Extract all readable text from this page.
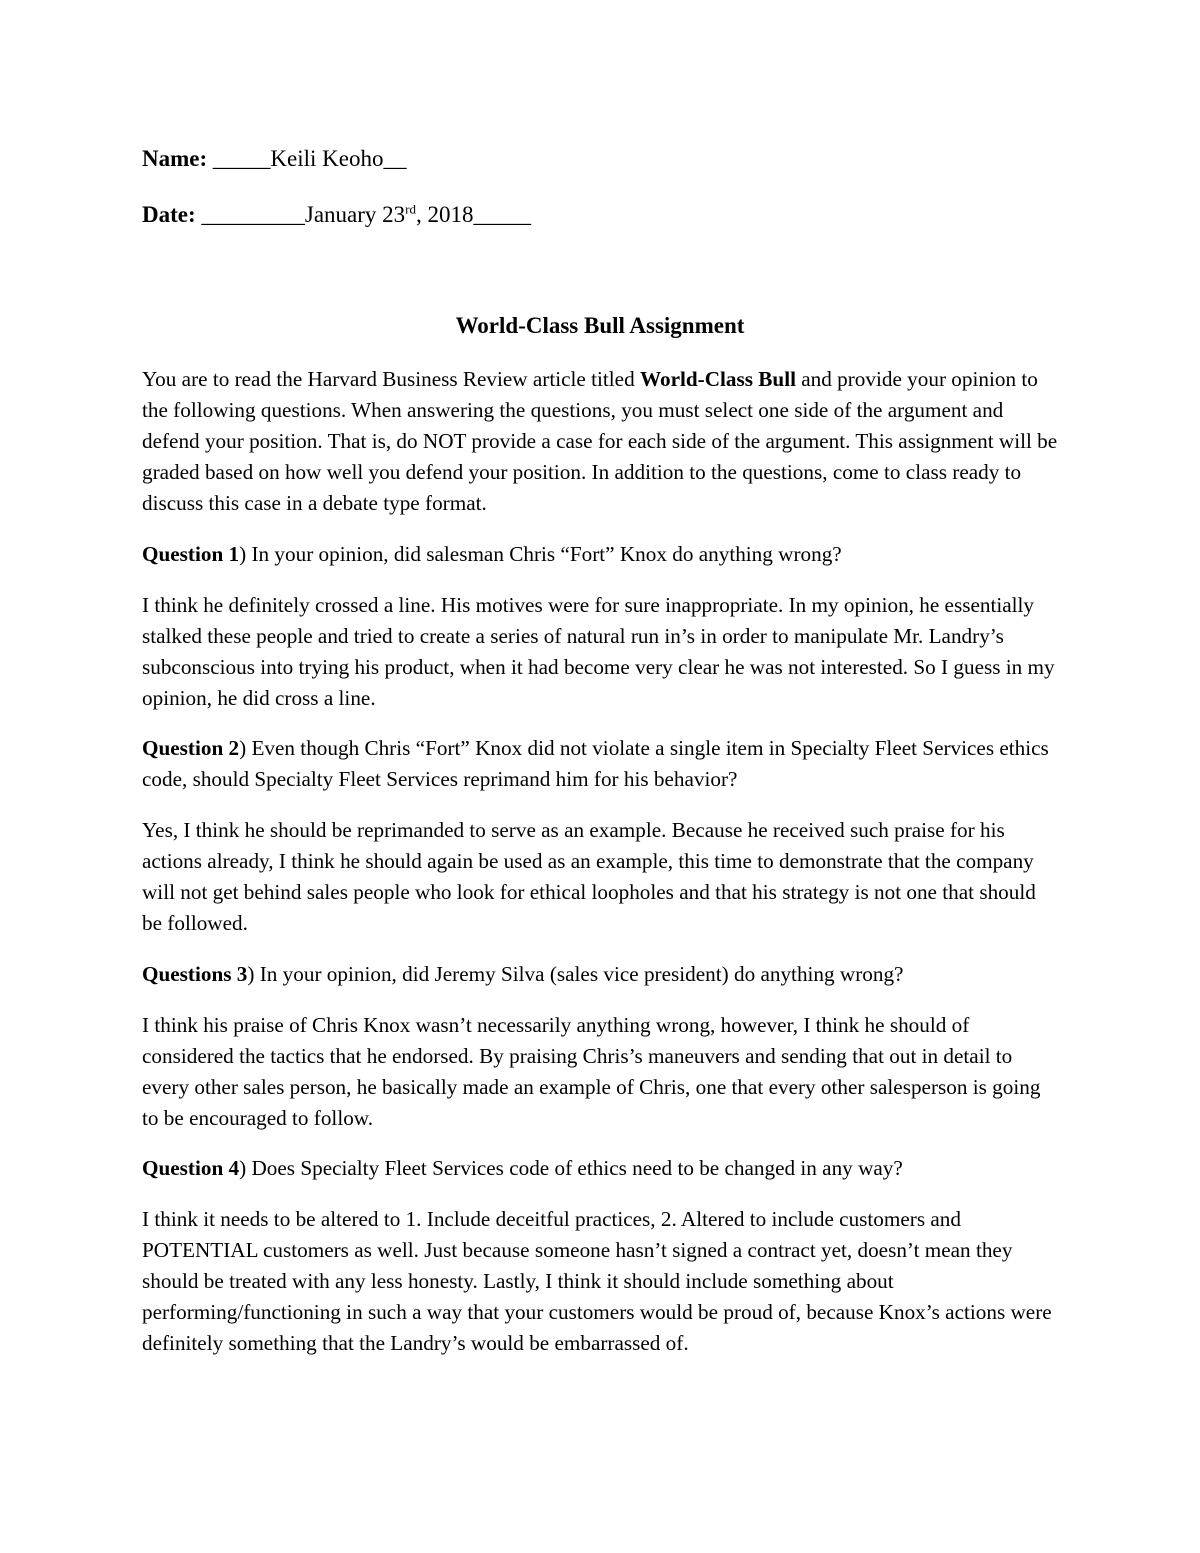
Name: _____Keili Keoho__
Date: _________January 23rd, 2018_____
World-Class Bull Assignment

You are to read the Harvard Business Review article titled World-Class Bull and provide your opinion to the following questions. When answering the questions, you must select one side of the argument and defend your position. That is, do NOT provide a case for each side of the argument. This assignment will be graded based on how well you defend your position. In addition to the questions, come to class ready to discuss this case in a debate type format.

Question 1) In your opinion, did salesman Chris “Fort” Knox do anything wrong?

I think he definitely crossed a line. His motives were for sure inappropriate. In my opinion, he essentially stalked these people and tried to create a series of natural run in’s in order to manipulate Mr. Landry’s subconscious into trying his product, when it had become very clear he was not interested. So I guess in my opinion, he did cross a line.

Question 2) Even though Chris “Fort” Knox did not violate a single item in Specialty Fleet Services ethics code, should Specialty Fleet Services reprimand him for his behavior?

Yes, I think he should be reprimanded to serve as an example. Because he received such praise for his actions already, I think he should again be used as an example, this time to demonstrate that the company will not get behind sales people who look for ethical loopholes and that his strategy is not one that should be followed.

Questions 3) In your opinion, did Jeremy Silva (sales vice president) do anything wrong?

I think his praise of Chris Knox wasn’t necessarily anything wrong, however, I think he should of considered the tactics that he endorsed. By praising Chris’s maneuvers and sending that out in detail to every other sales person, he basically made an example of Chris, one that every other salesperson is going to be encouraged to follow.

Question 4) Does Specialty Fleet Services code of ethics need to be changed in any way?

I think it needs to be altered to 1. Include deceitful practices, 2. Altered to include customers and POTENTIAL customers as well. Just because someone hasn’t signed a contract yet, doesn’t mean they should be treated with any less honesty. Lastly, I think it should include something about performing/functioning in such a way that your customers would be proud of, because Knox’s actions were definitely something that the Landry’s would be embarrassed of.
